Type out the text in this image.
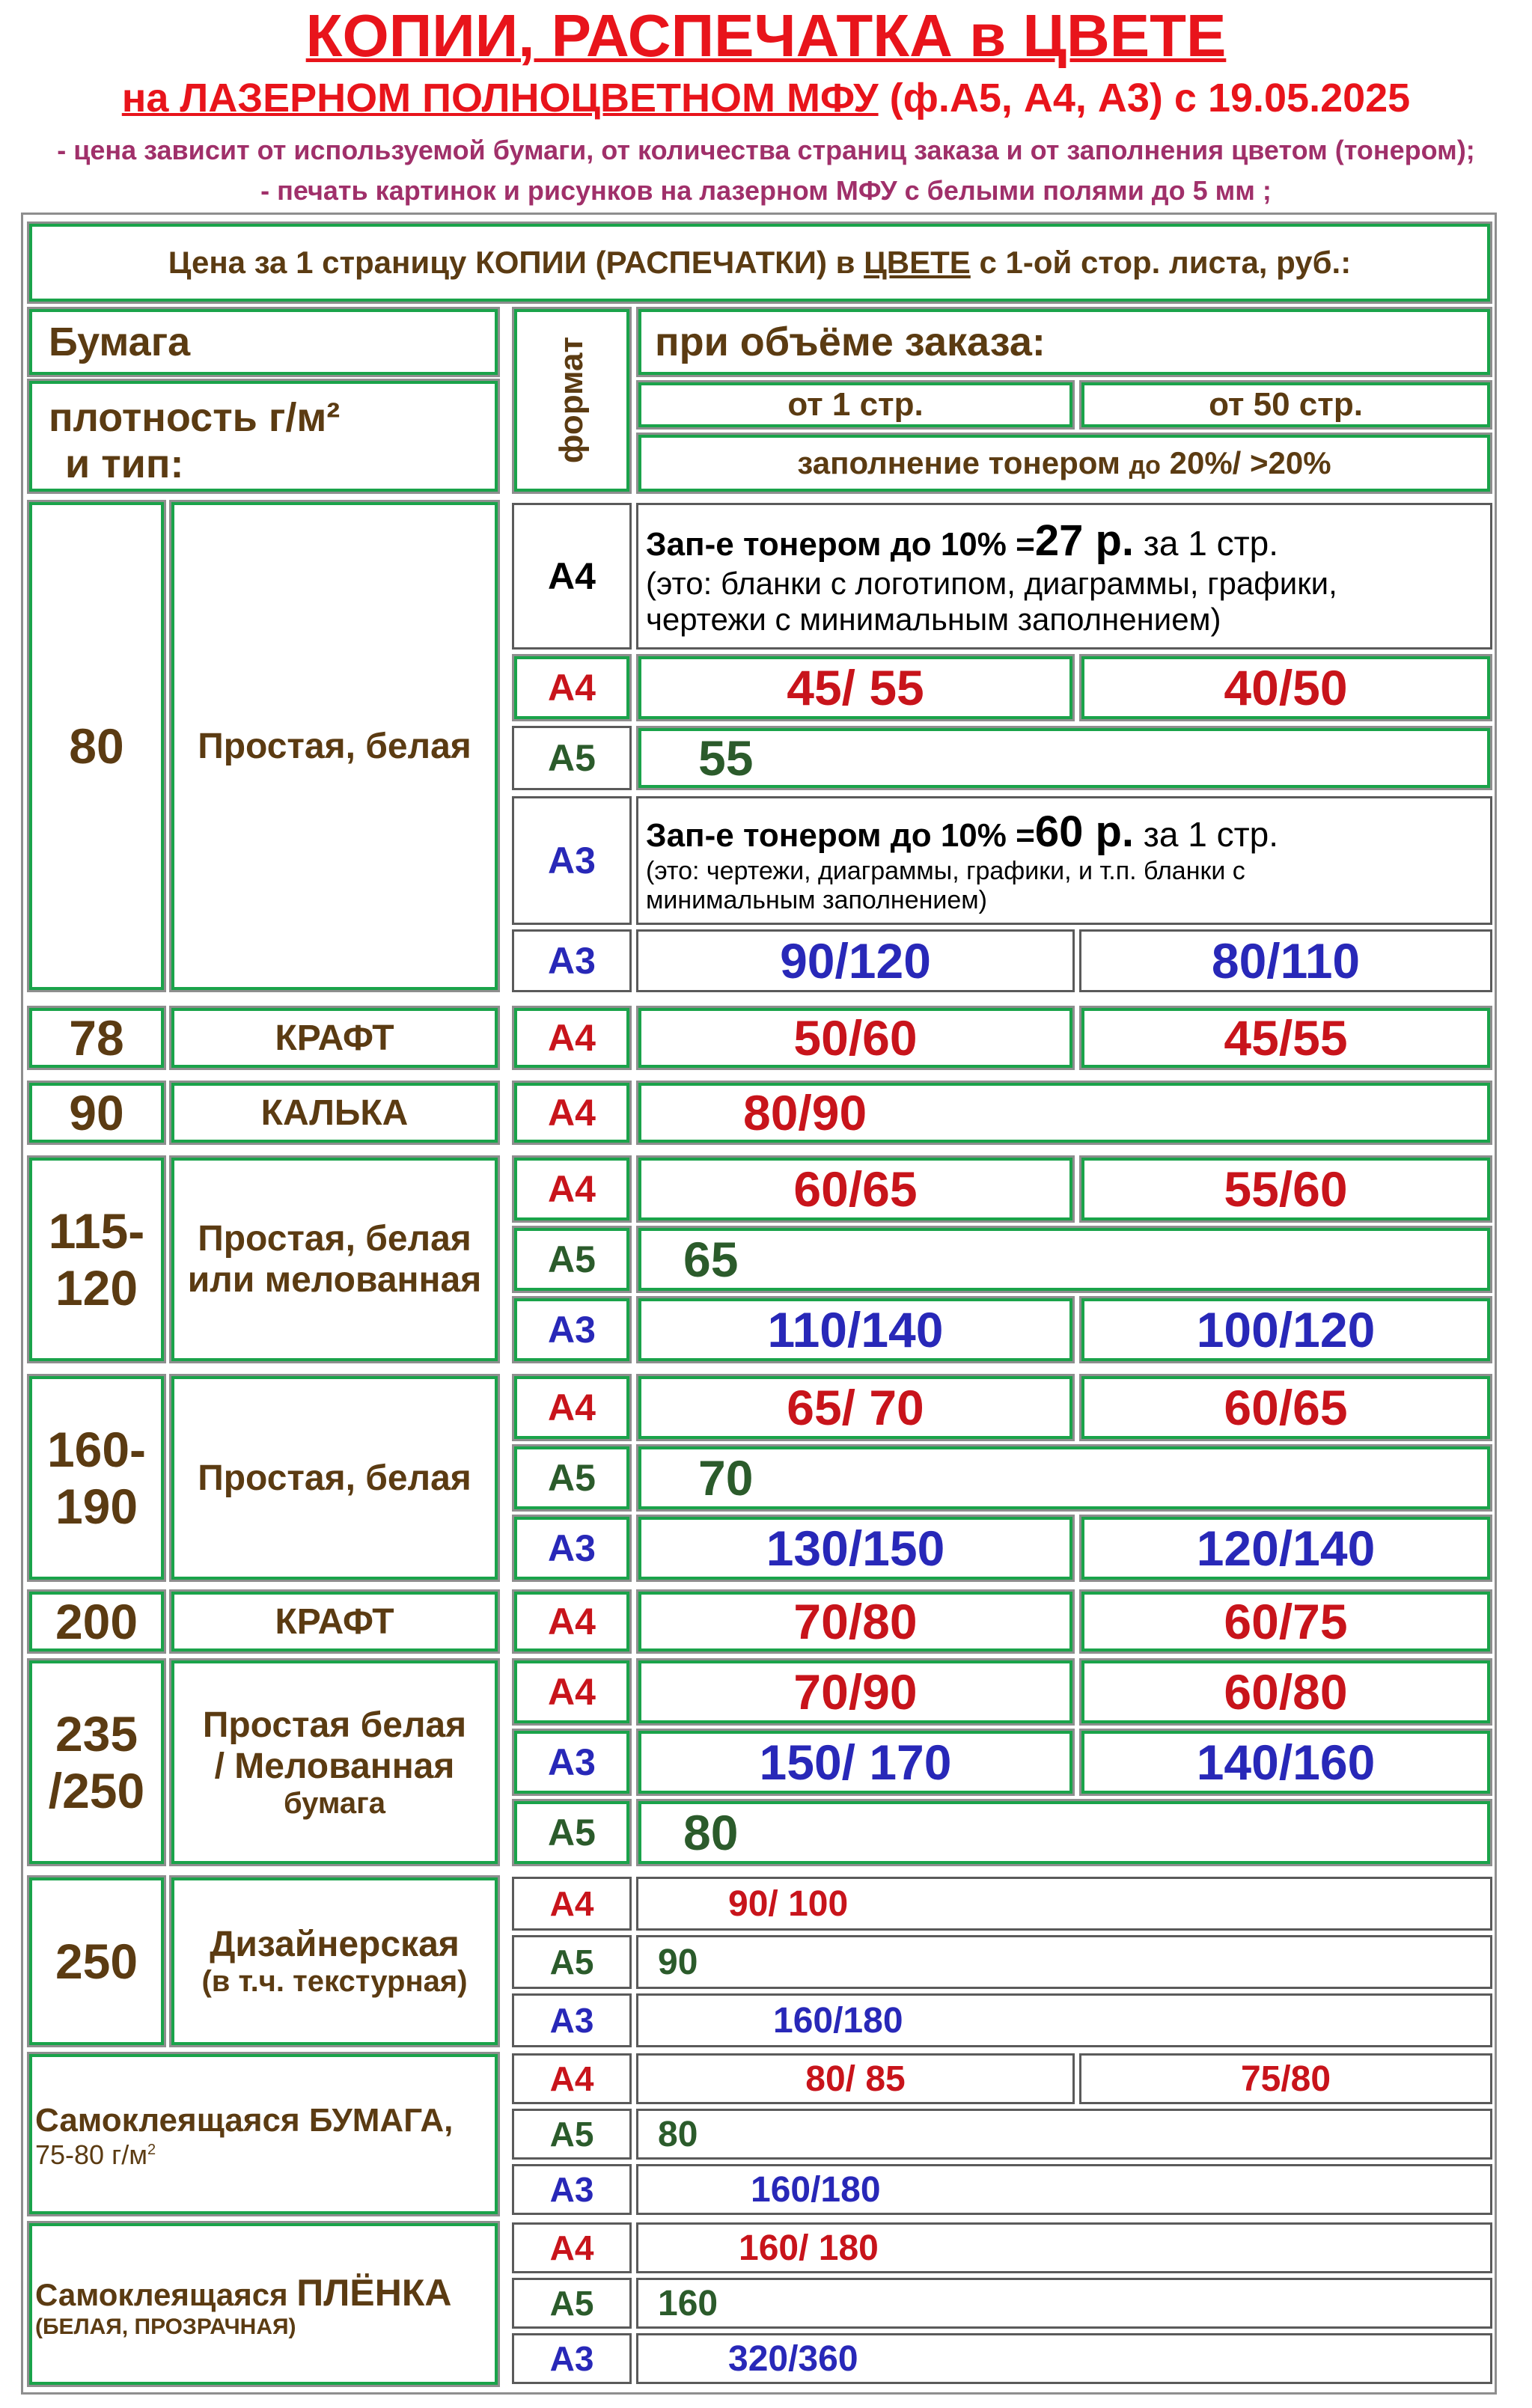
КОПИИ, РАСПЕЧАТКА в ЦВЕТЕ
на ЛАЗЕРНОМ ПОЛНОЦВЕТНОМ МФУ (ф.А5, А4, А3) с 19.05.2025
- цена зависит от используемой бумаги, от количества страниц заказа и от заполнения цветом (тонером);
- печать картинок и рисунков на лазерном МФУ с белыми полями до 5 мм ;
Цена за 1 страницу КОПИИ (РАСПЕЧАТКИ) в ЦВЕТЕ с 1-ой стор. листа, руб.:
Бумага
плотность г/м²
и тип:
формат при объёме заказа:
от 1 стр.	от 50 стр.
заполнение тонером до 20%/ >20%
80 Простая, белая
А4
Зап-е тонером до 10% =27 р. за 1 стр.
(это: бланки с логотипом, диаграммы, графики,
чертежи с минимальным заполнением)
А4	45/ 55	40/50
А5 55
А3
Зап-е тонером до 10% =60 р. за 1 стр.
(это: чертежи, диаграммы, графики, и т.п. бланки с
минимальным заполнением)
А3	90/120	80/110
78	КРАФТ	А4	50/60	45/55
90	КАЛЬКА	А4	80/90
115-
120
Простая, белая
или мелованная
А4	60/65	55/60
А5 65
А3	110/140	100/120
160-
190
Простая, белая
А4	65/ 70	60/65
А5 70
А3	130/150	120/140
200	КРАФТ	А4	70/80	60/75
235
/250
Простая белая
/ Мелованная
бумага
А4	70/90	60/80
А3	150/ 170	140/160
А5 80
250 Дизайнерская
(в т.ч. текстурная)
А4	90/ 100
А5 90
А3	160/180
Самоклеящаяся БУМАГА,
75-80 $г/м^2$
А4	80/ 85	75/80
А5 80
А3	160/180
Самоклеящаяся ПЛЁНКА
(БЕЛАЯ, ПРОЗРАЧНАЯ)
А4	160/ 180
А5 160
А3	320/360
